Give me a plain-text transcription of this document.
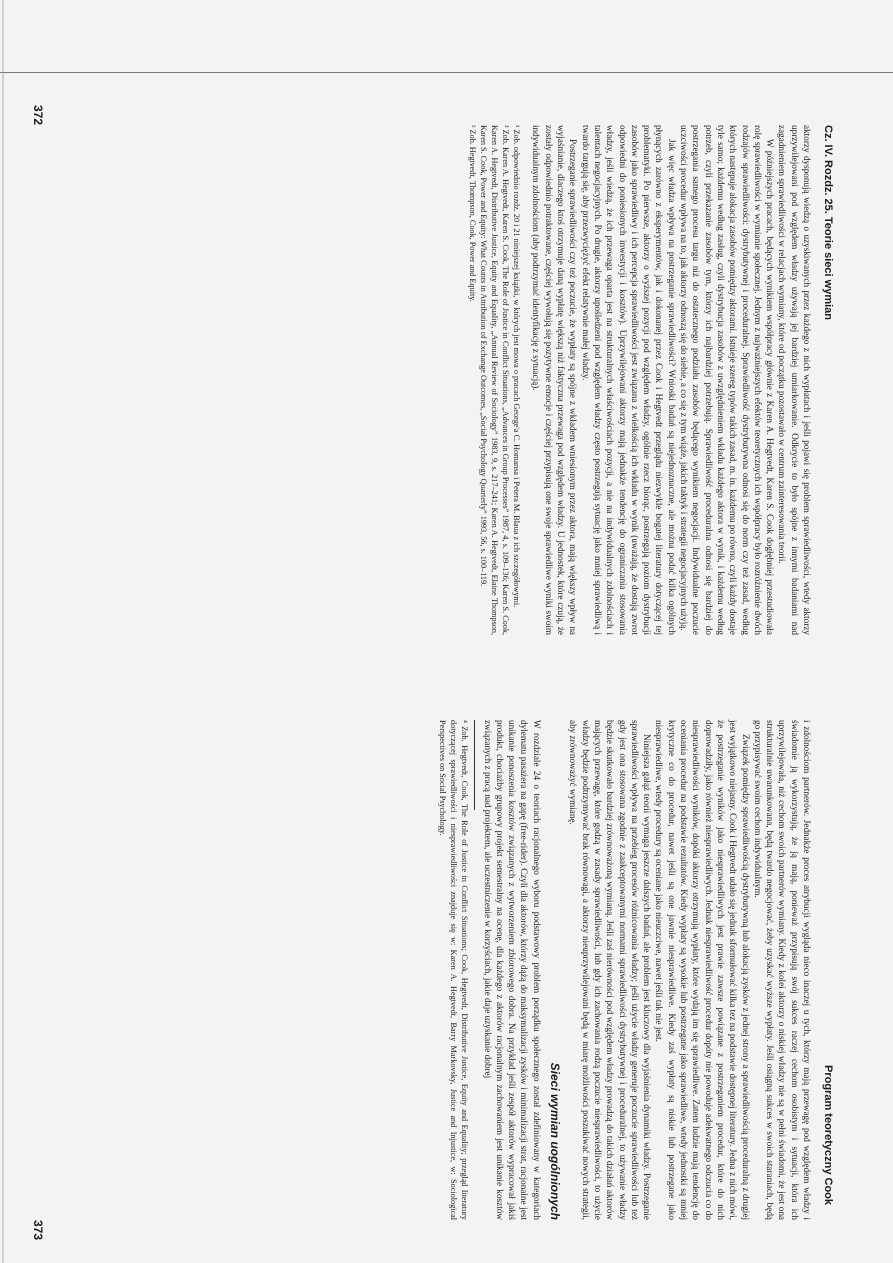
Cz. IV. Rozdz. 25. Teorie sieci wymian

aktorzy dysponują wiedzą o uzyskiwanych przez każdego z nich wypłatach i jeśli pojawi się problem sprawiedliwości, wtedy aktorzy uprzywilejowani pod względem władzy używają jej bardziej umiarkowanie. Odkrycie to było spójne z innymi badaniami nad zagadnieniem sprawiedliwości w relacjach wymiany, które od początku pozostawało w centrum zainteresowania teorii.

W późniejszych pracach, będących wynikiem współpracy głównie z Karen A. Hegtvedt, Karen S. Cook dogłębniej przestudiowała rolę sprawiedliwości w wymianie społecznej. Jednym z najważniejszych efektów teoretycznych ich współpracy było rozróżnienie dwóch rodzajów sprawiedliwości: dystrybutywnej i proceduralnej. Sprawiedliwość dystrybutywna odnosi się do norm czy też zasad, według których następuje alokacja zasobów pomiędzy aktorami. Istnieje szereg typów takich zasad, m. in. każdemu po równo, czyli każdy dostaje tyle samo; każdemu według zasług, czyli dystrybucja zasobów z uwzględnieniem wkładu każdego aktora w wynik, i każdemu według potrzeb, czyli przekazanie zasobów tym, którzy ich najbardziej potrzebują. Sprawiedliwość proceduralna odnosi się bardziej do postrzegania samego procesu targu niż do ostatecznego podziału zasobów będącego wynikiem negocjacji. Indywidualne poczucie uczciwości procedur wpływa na to, jak aktorzy odnoszą się do siebie, a co się z tym wiąże, jakich taktyk i strategii negocjacyjnych użyją.

Jak więc władza wpływa na postrzeganie sprawiedliwości? Wnioski badań są niejednoznaczne, ale można podać kilka ogólnych płynących zarówno z eksperymentów, jak i dokonanej przez Cook i Hegtvedt przeglądu niezwykle bogatej literatury dotyczącej tej problematyki. Po pierwsze, aktorzy o wyższej pozycji pod względem władzy, ogólnie rzecz biorąc, postrzegają poziom dystrybucji zasobów jako sprawiedliwy i ich percepcja sprawiedliwości jest związana z wielkością ich wkładu w wynik (uważają, że dostają zwrot odpowiedni do poniesionych inwestycji i kosztów). Uprzywilejowani aktorzy mają jednakże tendencję do ograniczania stosowania władzy, jeśli wiedzą, że ich przewaga oparta jest na strukturalnych właściwościach pozycji, a nie na indywidualnych zdolnościach i talentach negocjacyjnych. Po drugie, aktorzy upośledzeni pod względem władzy często postrzegają sytuację jako mniej sprawiedliwą i twardo targują się, aby przezwyciężyć efekt relatywnie małej władzy.

Postrzeganie sprawiedliwości czy też poczucie, że wypłaty są spójne z wkładem wniesionym przez aktora, mają większy wpływ na wyjaśnianie, dlaczego ktoś otrzymuje daną wypłatę większą niż faktyczna przewaga pod względem władzy. U jednostek, które czują, że zostały odpowiednio potraktowane, częściej wywołują się pozytywne emocje i częściej przypisują one swoje sprawiedliwe wyniki swoim indywidualnym zdolnościom (aby podtrzymać identyfikację z sytuacją).

¹ Zob. odpowiednio rozdz. 20 i 21 niniejszej książki, w których jest mowa o pracach George'a C. Homansa i Petera M. Blaua z ich szczegółowymi.
² Zob. Karen A. Hegtvedt, Karen S. Cook, The Role of Justice in Conflict Situations, „Advances in Group Processes” 1987, 4, s. 109–136; Karen S. Cook, Karen A. Hegtvedt, Distributive Justice, Equity and Equality, „Annual Review of Sociology” 1983, 9, s. 217–241; Karen A. Hegtvedt, Elaine Thompson, Karen S. Cook, Power and Equity: What Counts in Attribution of Exchange Outcomes, „Social Psychology Quarterly” 1993, 56, s. 100–119.
³ Zob. Hegtvedt, Thompson, Cook, Power and Equity.
372
Program teoretyczny Cook

i zdolnościom partnerów. Jednakże proces atrybucji wygląda nieco inaczej u tych, którzy mają przewagę pod względem władzy i świadomie ją wykorzystują, że ją mają, ponieważ przypisują swój sukces raczej cechom osobistym i sytuacji, która ich uprzywilejowała, niż cechom swoich partnerów wymiany. Kiedy z kolei aktorzy o niskiej władzy nie są w pełni świadomi, że jest ona strukturalnie uwarunkowana, będą twardo negocjować, żeby uzyskać wyższe wypłaty. Jeśli osiągną sukces w swoich staraniach, będą go przypisywać swoim cechom indywidualnym.

Związek pomiędzy sprawiedliwością dystrybutywną lub alokacją zysków z jednej strony a sprawiedliwością proceduralną z drugiej jest wyjątkowo niejasny. Cook i Hegtvedt udało się jednak sformułować kilka tez na podstawie dostępnej literatury. Jedna z nich mówi, że postrzeganie wyników jako niesprawiedliwych jest prawie zawsze powiązane z postrzeganiem procedur, które do nich doprowadziły, jako również niesprawiedliwych. Jednak niesprawiedliwość procedur dopóty nie powoduje adekwatnego odczucia co do niesprawiedliwości wyników, dopóki aktorzy otrzymują wypłaty, które wydają im się sprawiedliwe. Zatem ludzie mają tendencję do oceniania procedur na podstawie rezultatów. Kiedy wypłaty są wysokie lub postrzegane jako sprawiedliwe, wtedy jednostki są mniej krytyczne co do procedur, nawet jeśli są one jawnie niesprawiedliwe. Kiedy zaś wypłaty są niskie lub postrzegane jako niesprawiedliwe, wtedy procedury są oceniane jako nieuczciwe, nawet jeśli tak nie jest.

Niniejsza gałąź teorii wymaga jeszcze dalszych badań, ale problem jest kluczowy dla wyjaśnienia dynamiki władzy. Postrzeganie sprawiedliwości wpływa na przebieg procesów różnicowania władzy; jeśli użycie władzy generuje poczucie sprawiedliwości lub też gdy jest ona stosowana zgodnie z zaakceptowanymi normami sprawiedliwości dystrybutywnej i proceduralnej, to używanie władzy będzie skutkowało bardziej zrównoważoną wymianą. Jeśli zaś nierówności pod względem władzy prowadzą do takich działań aktorów mających przewagę, które godzą w zasady sprawiedliwości, lub gdy ich zachowania rodzą poczucie niesprawiedliwości, to użycie władzy będzie podtrzymywać brak równowagi, a aktorzy nieuprzywilejowani będą w miarę możliwości poszukiwać nowych strategii, aby zrównoważyć wymianę.

Sieci wymian uogólnionych

W rozdziale 24 o teoriach racjonalnego wyboru podstawowy problem porządku społecznego został zdefiniowany w kategoriach dylematu pasażera na gapę (free-rider). Czyli dla aktorów, którzy dążą do maksymalizacji zysków i minimalizacji strat, racjonalne jest unikanie ponoszenia kosztów związanych z wytworzeniem zbiorowego dobra. Na przykład jeśli zespół aktorów wypracował jakiś produkt, chociażby grupowy projekt semestralny na ocenę, dla każdego z aktorów racjonalnym zachowaniem jest unikanie kosztów związanych z pracą nad projektem, ale uczestniczenie w korzyściach, jakie daje uzyskanie dobrej

⁴ Zob. Hegtvedt, Cook, The Role of Justice in Conflict Situations; Cook, Hegtvedt, Distributive Justice, Equity and Equality; przegląd literatury dotyczącej sprawiedliwości i niesprawiedliwości znajduje się w: Karen A. Hegtvedt, Barry Markovsky, Justice and Injustice, w: Sociological Perspectives on Social Psychology.
373
